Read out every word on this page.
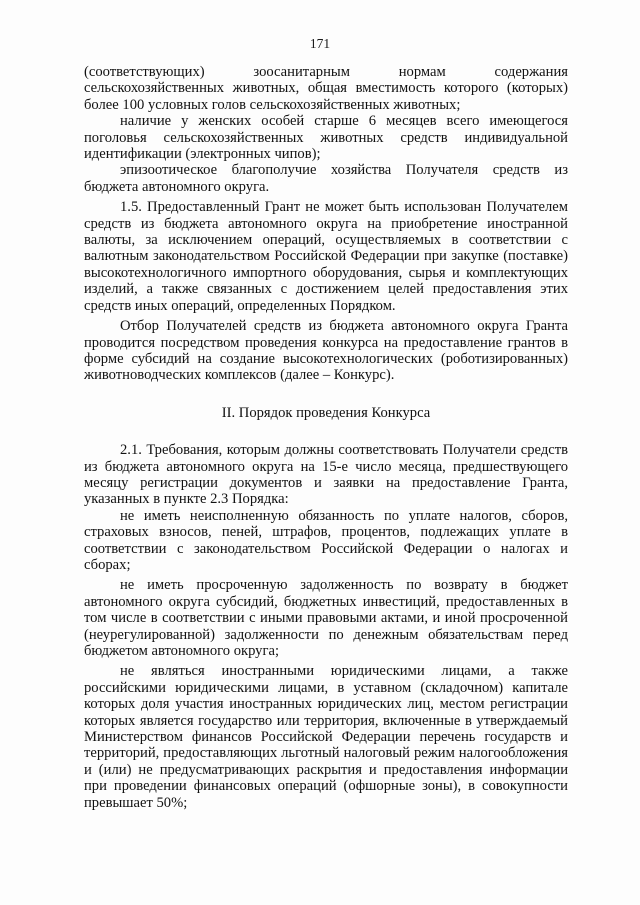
171

(соответствующих) зоосанитарным нормам содержания сельскохозяйственных животных, общая вместимость которого (которых) более 100 условных голов сельскохозяйственных животных;

наличие у женских особей старше 6 месяцев всего имеющегося поголовья сельскохозяйственных животных средств индивидуальной идентификации (электронных чипов);

эпизоотическое благополучие хозяйства Получателя средств из бюджета автономного округа.

1.5. Предоставленный Грант не может быть использован Получателем средств из бюджета автономного округа на приобретение иностранной валюты, за исключением операций, осуществляемых в соответствии с валютным законодательством Российской Федерации при закупке (поставке) высокотехнологичного импортного оборудования, сырья и комплектующих изделий, а также связанных с достижением целей предоставления этих средств иных операций, определенных Порядком.

Отбор Получателей средств из бюджета автономного округа Гранта проводится посредством проведения конкурса на предоставление грантов в форме субсидий на создание высокотехнологических (роботизированных) животноводческих комплексов (далее – Конкурс).

II. Порядок проведения Конкурса

2.1. Требования, которым должны соответствовать Получатели средств из бюджета автономного округа на 15-е число месяца, предшествующего месяцу регистрации документов и заявки на предоставление Гранта, указанных в пункте 2.3 Порядка:

не иметь неисполненную обязанность по уплате налогов, сборов, страховых взносов, пеней, штрафов, процентов, подлежащих уплате в соответствии с законодательством Российской Федерации о налогах и сборах;

не иметь просроченную задолженность по возврату в бюджет автономного округа субсидий, бюджетных инвестиций, предоставленных в том числе в соответствии с иными правовыми актами, и иной просроченной (неурегулированной) задолженности по денежным обязательствам перед бюджетом автономного округа;

не являться иностранными юридическими лицами, а также российскими юридическими лицами, в уставном (складочном) капитале которых доля участия иностранных юридических лиц, местом регистрации которых является государство или территория, включенные в утверждаемый Министерством финансов Российской Федерации перечень государств и территорий, предоставляющих льготный налоговый режим налогообложения и (или) не предусматривающих раскрытия и предоставления информации при проведении финансовых операций (офшорные зоны), в совокупности превышает 50%;
